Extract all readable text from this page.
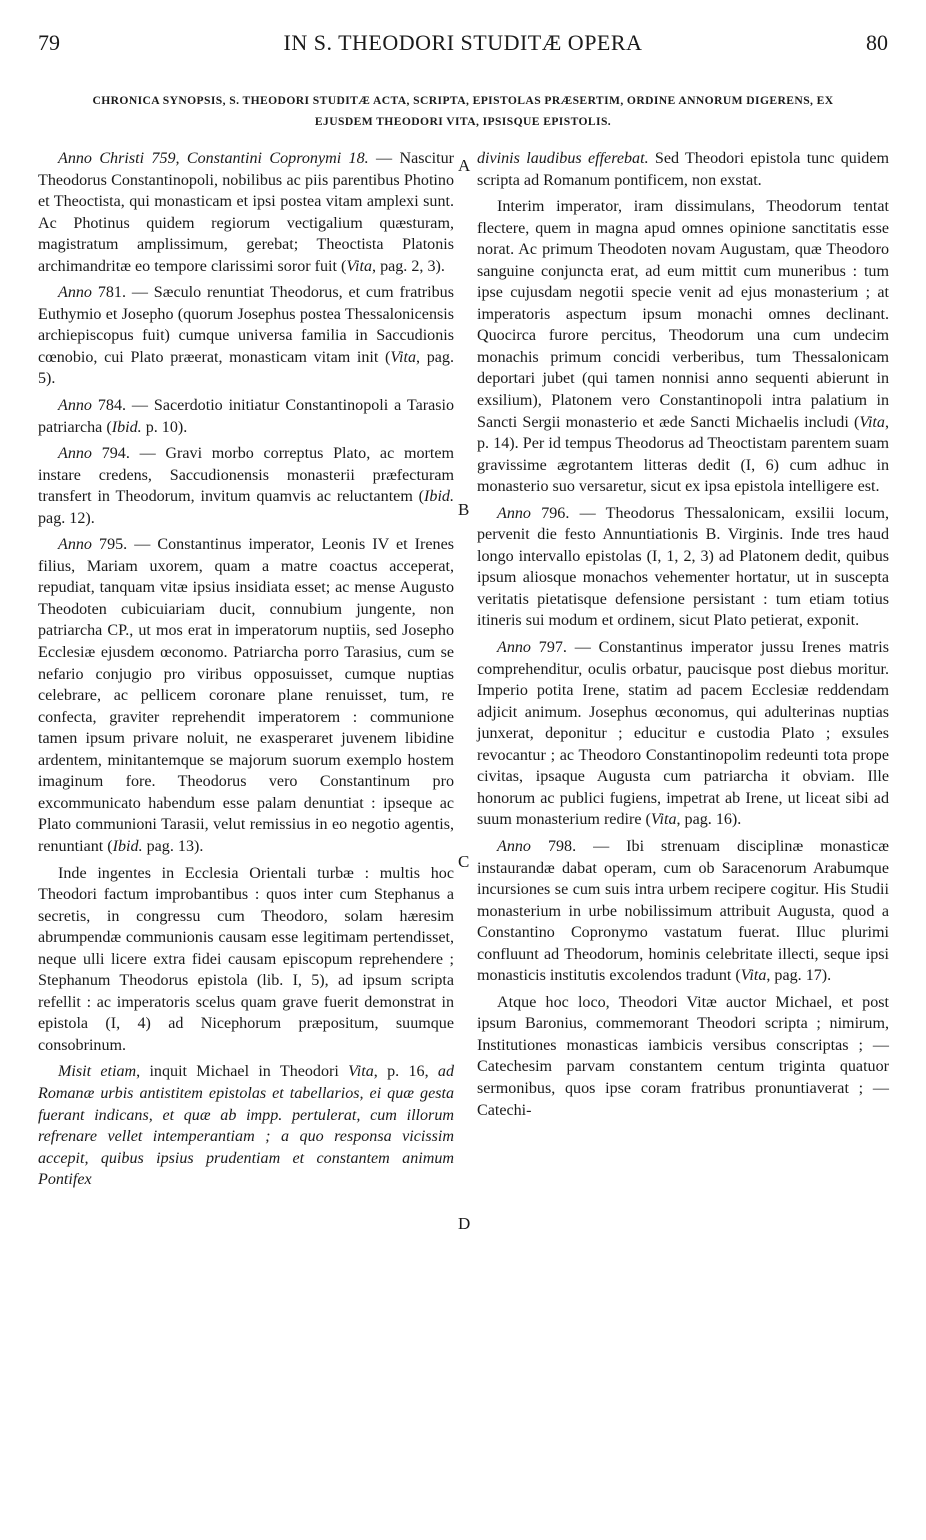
79	IN S. THEODORI STUDITÆ OPERA	80
CHRONICA SYNOPSIS, S. THEODORI STUDITÆ ACTA, SCRIPTA, EPISTOLAS PRÆSERTIM, ORDINE ANNORUM DIGERENS, EX
EJUSDEM THEODORI VITA, IPSISQUE EPISTOLIS.
A
B
C
D

Anno Christi 759, Constantini Copronymi 18. — Nascitur Theodorus Constantinopoli, nobilibus ac piis parentibus Photino et Theoctista, qui monasticam et ipsi postea vitam amplexi sunt. Ac Photinus quidem regiorum vectigalium quæsturam, magistratum amplissimum, gerebat; Theoctista Platonis archimandritæ eo tempore clarissimi soror fuit (Vita, pag. 2, 3).

Anno 781. — Sæculo renuntiat Theodorus, et cum fratribus Euthymio et Josepho (quorum Josephus postea Thessalonicensis archiepiscopus fuit) cumque universa familia in Saccudionis cœnobio, cui Plato præerat, monasticam vitam init (Vita, pag. 5).

Anno 784. — Sacerdotio initiatur Constantinopoli a Tarasio patriarcha (Ibid. p. 10).

Anno 794. — Gravi morbo correptus Plato, ac mortem instare credens, Saccudionensis monasterii præfecturam transfert in Theodorum, invitum quamvis ac reluctantem (Ibid. pag. 12).

Anno 795. — Constantinus imperator, Leonis IV et Irenes filius, Mariam uxorem, quam a matre coactus acceperat, repudiat, tanquam vitæ ipsius insidiata esset; ac mense Augusto Theodoten cubicuiariam ducit, connubium jungente, non patriarcha CP., ut mos erat in imperatorum nuptiis, sed Josepho Ecclesiæ ejusdem œconomo. Patriarcha porro Tarasius, cum se nefario conjugio pro viribus opposuisset, cumque nuptias celebrare, ac pellicem coronare plane renuisset, tum, re confecta, graviter reprehendit imperatorem : communione tamen ipsum privare noluit, ne exasperaret juvenem libidine ardentem, minitantemque se majorum suorum exemplo hostem imaginum fore. Theodorus vero Constantinum pro excommunicato habendum esse palam denuntiat : ipseque ac Plato communioni Tarasii, velut remissius in eo negotio agentis, renuntiant (Ibid. pag. 13).

Inde ingentes in Ecclesia Orientali turbæ : multis hoc Theodori factum improbantibus : quos inter cum Stephanus a secretis, in congressu cum Theodoro, solam hæresim abrumpendæ communionis causam esse legitimam pertendisset, neque ulli licere extra fidei causam episcopum reprehendere ; Stephanum Theodorus epistola (lib. I, 5), ad ipsum scripta refellit : ac imperatoris scelus quam grave fuerit demonstrat in epistola (I, 4) ad Nicephorum præpositum, suumque consobrinum.

Misit etiam, inquit Michael in Theodori Vita, p. 16, ad Romanæ urbis antistitem epistolas et tabellarios, ei quæ gesta fuerant indicans, et quæ ab impp. pertulerat, cum illorum refrenare vellet intemperantiam ; a quo responsa vicissim accepit, quibus ipsius prudentiam et constantem animum Pontifex

divinis laudibus efferebat. Sed Theodori epistola tunc quidem scripta ad Romanum pontificem, non exstat.

Interim imperator, iram dissimulans, Theodorum tentat flectere, quem in magna apud omnes opinione sanctitatis esse norat. Ac primum Theodoten novam Augustam, quæ Theodoro sanguine conjuncta erat, ad eum mittit cum muneribus : tum ipse cujusdam negotii specie venit ad ejus monasterium ; at imperatoris aspectum ipsum monachi omnes declinant. Quocirca furore percitus, Theodorum una cum undecim monachis primum concidi verberibus, tum Thessalonicam deportari jubet (qui tamen nonnisi anno sequenti abierunt in exsilium), Platonem vero Constantinopoli intra palatium in Sancti Sergii monasterio et æde Sancti Michaelis includi (Vita, p. 14). Per id tempus Theodorus ad Theoctistam parentem suam gravissime ægrotantem litteras dedit (I, 6) cum adhuc in monasterio suo versaretur, sicut ex ipsa epistola intelligere est.

Anno 796. — Theodorus Thessalonicam, exsilii locum, pervenit die festo Annuntiationis B. Virginis. Inde tres haud longo intervallo epistolas (I, 1, 2, 3) ad Platonem dedit, quibus ipsum aliosque monachos vehementer hortatur, ut in suscepta veritatis pietatisque defensione persistant : tum etiam totius itineris sui modum et ordinem, sicut Plato petierat, exponit.

Anno 797. — Constantinus imperator jussu Irenes matris comprehenditur, oculis orbatur, paucisque post diebus moritur. Imperio potita Irene, statim ad pacem Ecclesiæ reddendam adjicit animum. Josephus œconomus, qui adulterinas nuptias junxerat, deponitur ; educitur e custodia Plato ; exsules revocantur ; ac Theodoro Constantinopolim redeunti tota prope civitas, ipsaque Augusta cum patriarcha it obviam. Ille honorum ac publici fugiens, impetrat ab Irene, ut liceat sibi ad suum monasterium redire (Vita, pag. 16).

Anno 798. — Ibi strenuam disciplinæ monasticæ instaurandæ dabat operam, cum ob Saracenorum Arabumque incursiones se cum suis intra urbem recipere cogitur. His Studii monasterium in urbe nobilissimum attribuit Augusta, quod a Constantino Copronymo vastatum fuerat. Illuc plurimi confluunt ad Theodorum, hominis celebritate illecti, seque ipsi monasticis institutis excolendos tradunt (Vita, pag. 17).

Atque hoc loco, Theodori Vitæ auctor Michael, et post ipsum Baronius, commemorant Theodori scripta ; nimirum, Institutiones monasticas iambicis versibus conscriptas ; — Catechesim parvam constantem centum triginta quatuor sermonibus, quos ipse coram fratribus pronuntiaverat ; — Catechi-
